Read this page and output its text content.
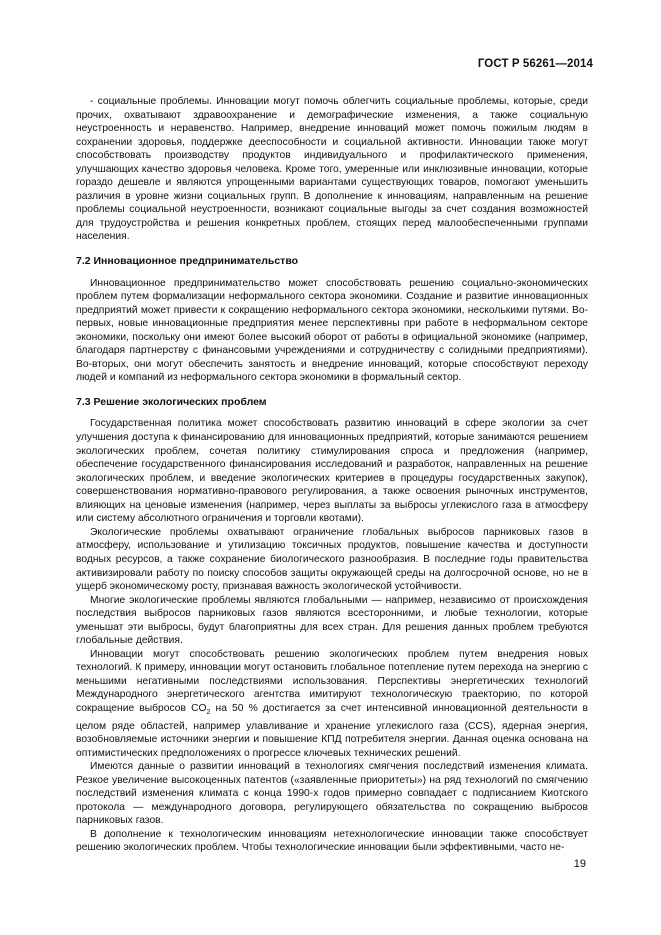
ГОСТ Р 56261—2014

- социальные проблемы. Инновации могут помочь облегчить социальные проблемы, которые, среди прочих, охватывают здравоохранение и демографические изменения, а также социальную неустроенность и неравенство. Например, внедрение инноваций может помочь пожилым людям в сохранении здоровья, поддержке дееспособности и социальной активности. Инновации также могут способствовать производству продуктов индивидуального и профилактического применения, улучшающих качество здоровья человека. Кроме того, умеренные или инклюзивные инновации, которые гораздо дешевле и являются упрощенными вариантами существующих товаров, помогают уменьшить различия в уровне жизни социальных групп. В дополнение к инновациям, направленным на решение проблемы социальной неустроенности, возникают социальные выгоды за счет создания возможностей для трудоустройства и решения конкретных проблем, стоящих перед малообеспеченными группами населения.

7.2 Инновационное предпринимательство

Инновационное предпринимательство может способствовать решению социально-экономических проблем путем формализации неформального сектора экономики. Создание и развитие инновационных предприятий может привести к сокращению неформального сектора экономики, несколькими путями. Во-первых, новые инновационные предприятия менее перспективны при работе в неформальном секторе экономики, поскольку они имеют более высокий оборот от работы в официальной экономике (например, благодаря партнерству с финансовыми учреждениями и сотрудничеству с солидными предприятиями). Во-вторых, они могут обеспечить занятость и внедрение инноваций, которые способствуют переходу людей и компаний из неформального сектора экономики в формальный сектор.

7.3 Решение экологических проблем

Государственная политика может способствовать развитию инноваций в сфере экологии за счет улучшения доступа к финансированию для инновационных предприятий, которые занимаются решением экологических проблем, сочетая политику стимулирования спроса и предложения (например, обеспечение государственного финансирования исследований и разработок, направленных на решение экологических проблем, и введение экологических критериев в процедуры государственных закупок), совершенствования нормативно-правового регулирования, а также освоения рыночных инструментов, влияющих на ценовые изменения (например, через выплаты за выбросы углекислого газа в атмосферу или систему абсолютного ограничения и торговли квотами).

Экологические проблемы охватывают ограничение глобальных выбросов парниковых газов в атмосферу, использование и утилизацию токсичных продуктов, повышение качества и доступности водных ресурсов, а также сохранение биологического разнообразия. В последние годы правительства активизировали работу по поиску способов защиты окружающей среды на долгосрочной основе, но не в ущерб экономическому росту, признавая важность экологической устойчивости.

Многие экологические проблемы являются глобальными — например, независимо от происхождения последствия выбросов парниковых газов являются всесторонними, и любые технологии, которые уменьшат эти выбросы, будут благоприятны для всех стран. Для решения данных проблем требуются глобальные действия.

Инновации могут способствовать решению экологических проблем путем внедрения новых технологий. К примеру, инновации могут остановить глобальное потепление путем перехода на энергию с меньшими негативными последствиями использования. Перспективы энергетических технологий Международного энергетического агентства имитируют технологическую траекторию, по которой сокращение выбросов $CO_2$ на 50 % достигается за счет интенсивной инновационной деятельности в целом ряде областей, например улавливание и хранение углекислого газа (CCS), ядерная энергия, возобновляемые источники энергии и повышение КПД потребителя энергии. Данная оценка основана на оптимистических предположениях о прогрессе ключевых технических решений.

Имеются данные о развитии инноваций в технологиях смягчения последствий изменения климата. Резкое увеличение высокоценных патентов («заявленные приоритеты») на ряд технологий по смягчению последствий изменения климата с конца 1990-х годов примерно совпадает с подписанием Киотского протокола — международного договора, регулирующего обязательства по сокращению выбросов парниковых газов.

В дополнение к технологическим инновациям нетехнологические инновации также способствует решению экологических проблем. Чтобы технологические инновации были эффективными, часто не-

19
